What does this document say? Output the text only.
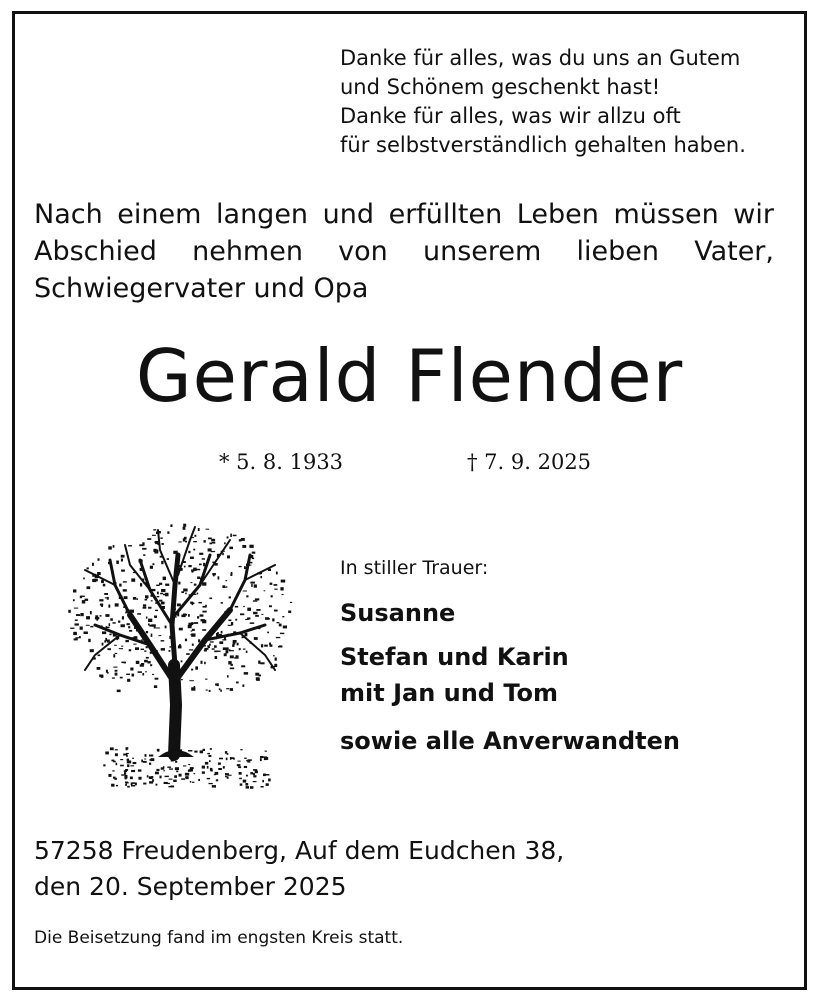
Danke für alles, was du uns an Gutem
und Schönem geschenkt hast!
Danke für alles, was wir allzu oft
für selbstverständlich gehalten haben.
Nach einem langen und erfüllten Leben müssen wir
Abschied nehmen von unserem lieben Vater,
Schwiegervater und Opa
Gerald Flender
* 5. 8. 1933	† 7. 9. 2025
In stiller Trauer:
Susanne
Stefan und Karin
mit Jan und Tom
sowie alle Anverwandten
57258 Freudenberg, Auf dem Eudchen 38,
den 20. September 2025
Die Beisetzung fand im engsten Kreis statt.
